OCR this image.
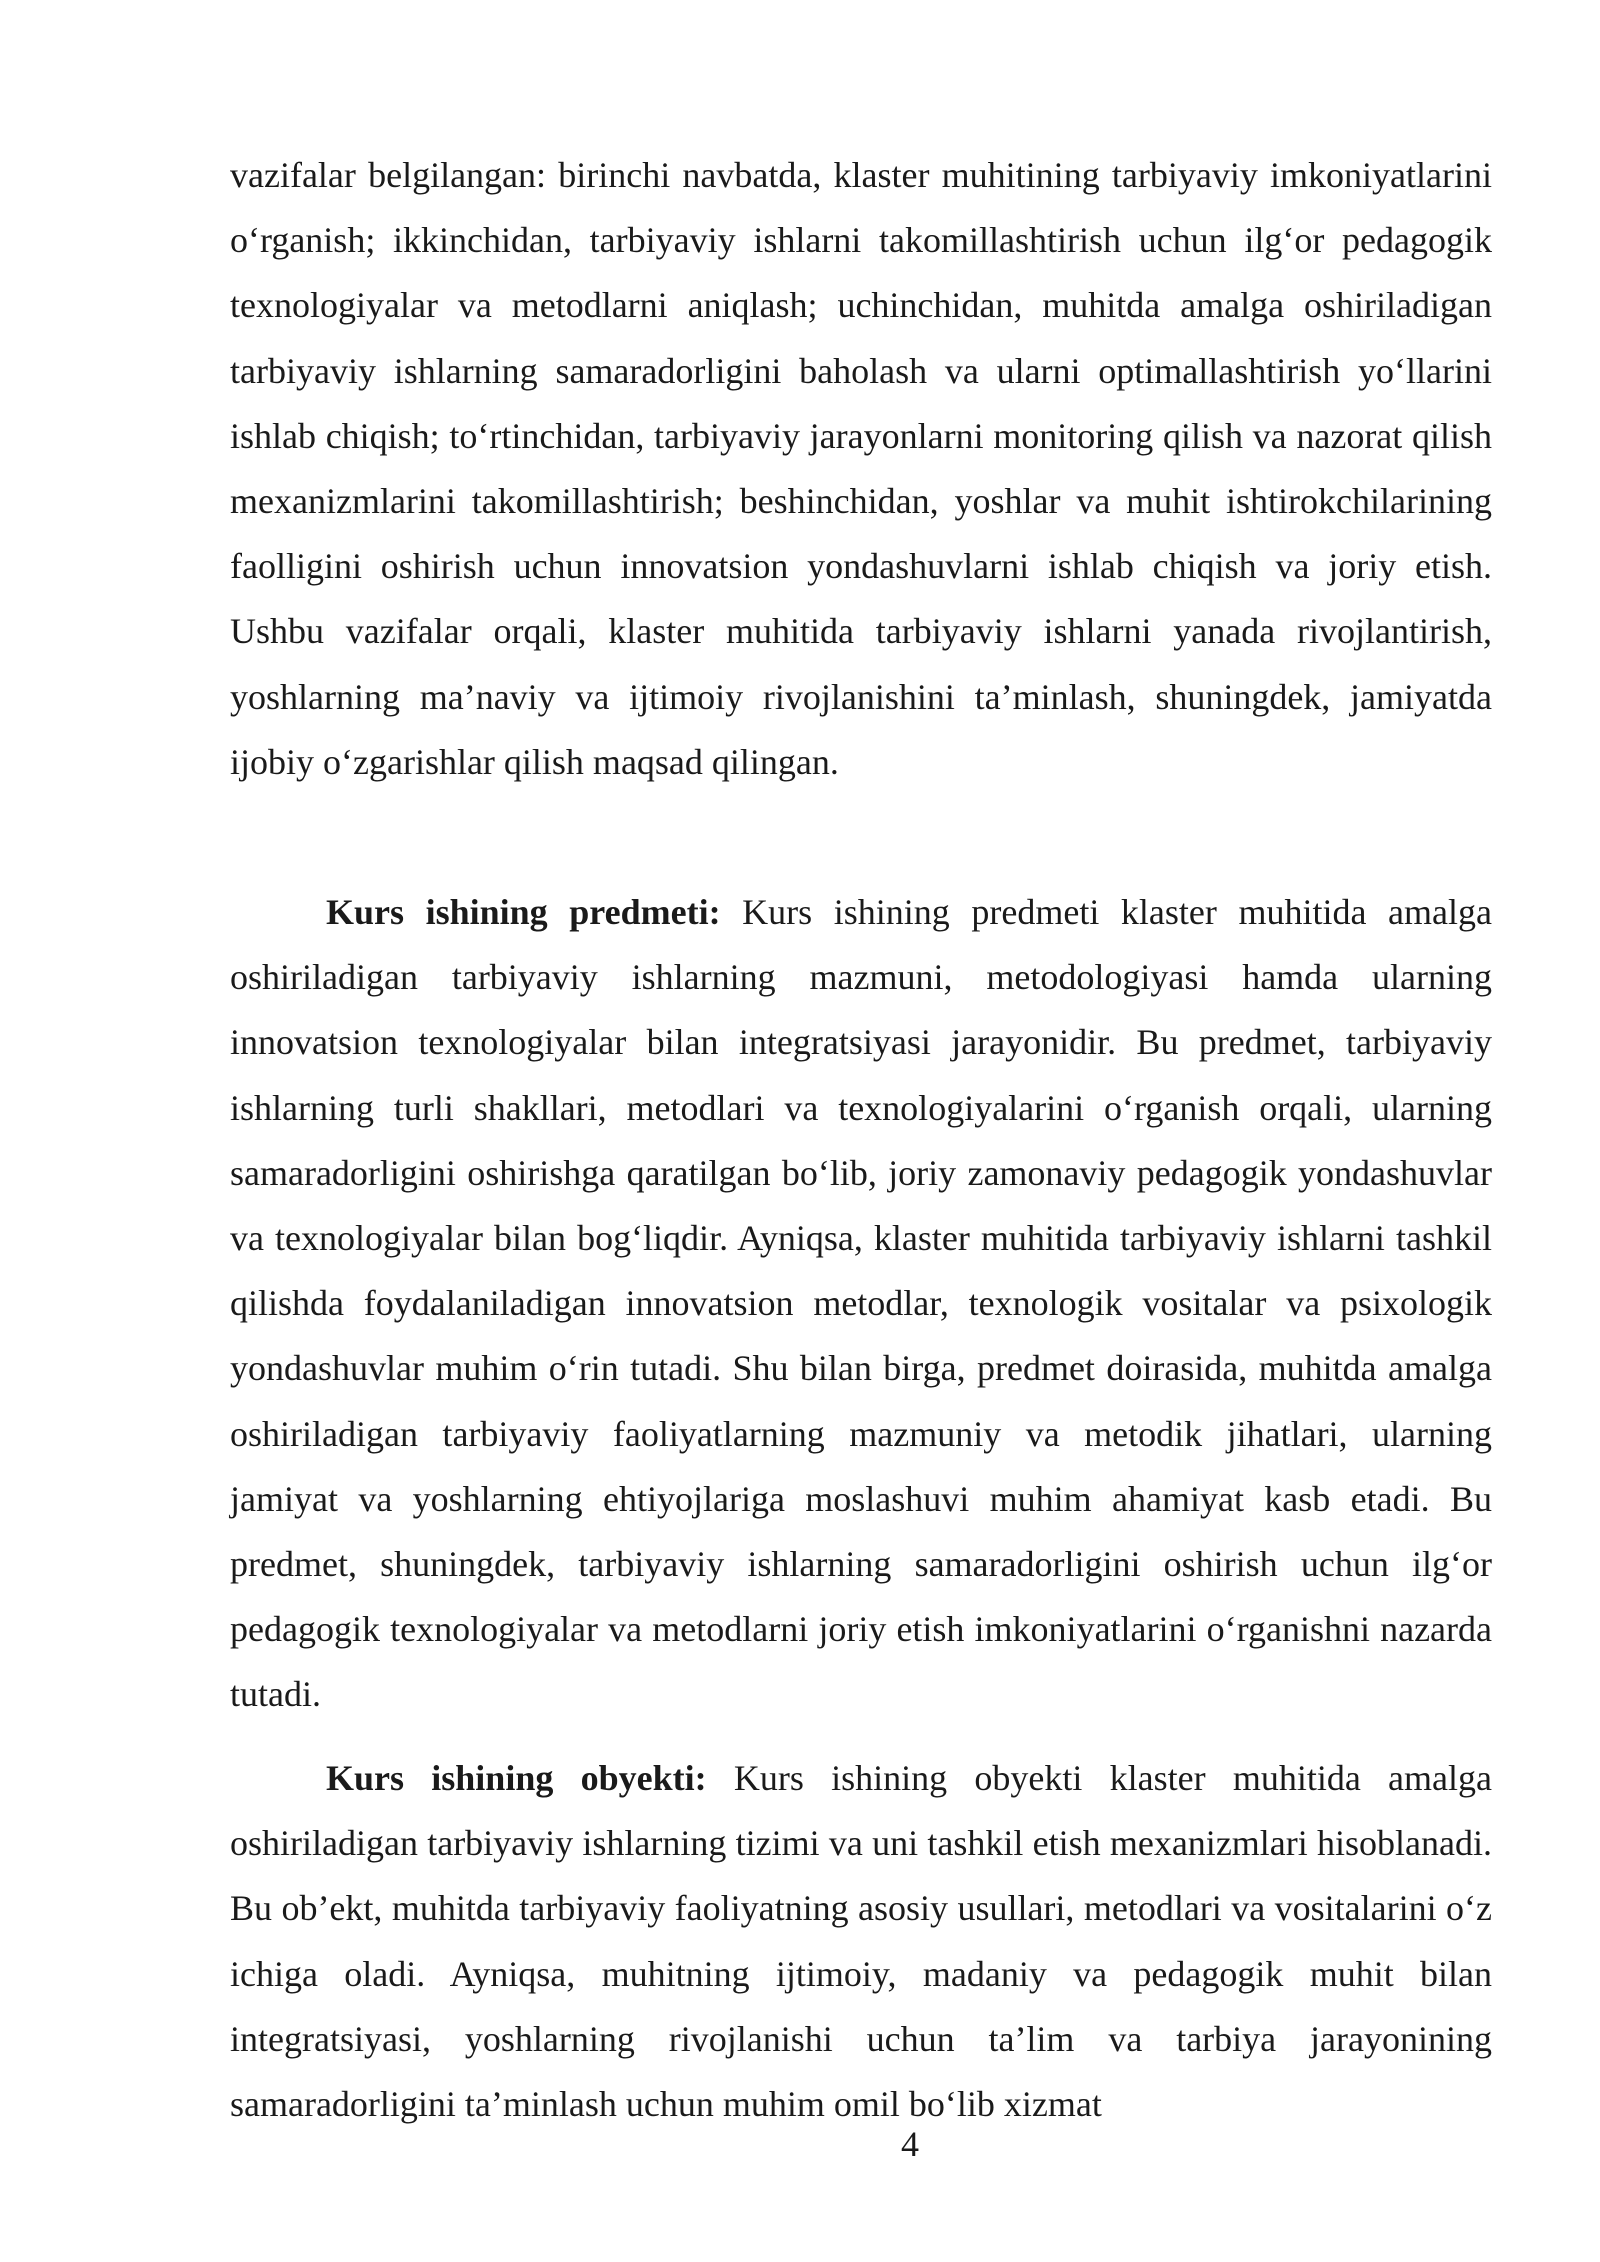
vazifalar belgilangan: birinchi navbatda, klaster muhitining tarbiyaviy imkoniyatlarini o‘rganish; ikkinchidan, tarbiyaviy ishlarni takomillashtirish uchun ilg‘or pedagogik texnologiyalar va metodlarni aniqlash; uchinchidan, muhitda amalga oshiriladigan tarbiyaviy ishlarning samaradorligini baholash va ularni optimallashtirish yo‘llarini ishlab chiqish; to‘rtinchidan, tarbiyaviy jarayonlarni monitoring qilish va nazorat qilish mexanizmlarini takomillashtirish; beshinchidan, yoshlar va muhit ishtirokchilarining faolligini oshirish uchun innovatsion yondashuvlarni ishlab chiqish va joriy etish. Ushbu vazifalar orqali, klaster muhitida tarbiyaviy ishlarni yanada rivojlantirish, yoshlarning ma’naviy va ijtimoiy rivojlanishini ta’minlash, shuningdek, jamiyatda ijobiy o‘zgarishlar qilish maqsad qilingan.

Kurs ishining predmeti: Kurs ishining predmeti klaster muhitida amalga oshiriladigan tarbiyaviy ishlarning mazmuni, metodologiyasi hamda ularning innovatsion texnologiyalar bilan integratsiyasi jarayonidir. Bu predmet, tarbiyaviy ishlarning turli shakllari, metodlari va texnologiyalarini o‘rganish orqali, ularning samaradorligini oshirishga qaratilgan bo‘lib, joriy zamonaviy pedagogik yondashuvlar va texnologiyalar bilan bog‘liqdir. Ayniqsa, klaster muhitida tarbiyaviy ishlarni tashkil qilishda foydalaniladigan innovatsion metodlar, texnologik vositalar va psixologik yondashuvlar muhim o‘rin tutadi. Shu bilan birga, predmet doirasida, muhitda amalga oshiriladigan tarbiyaviy faoliyatlarning mazmuniy va metodik jihatlari, ularning jamiyat va yoshlarning ehtiyojlariga moslashuvi muhim ahamiyat kasb etadi. Bu predmet, shuningdek, tarbiyaviy ishlarning samaradorligini oshirish uchun ilg‘or pedagogik texnologiyalar va metodlarni joriy etish imkoniyatlarini o‘rganishni nazarda tutadi.

Kurs ishining obyekti: Kurs ishining obyekti klaster muhitida amalga oshiriladigan tarbiyaviy ishlarning tizimi va uni tashkil etish mexanizmlari hisoblanadi. Bu ob’ekt, muhitda tarbiyaviy faoliyatning asosiy usullari, metodlari va vositalarini o‘z ichiga oladi. Ayniqsa, muhitning ijtimoiy, madaniy va pedagogik muhit bilan integratsiyasi, yoshlarning rivojlanishi uchun ta’lim va tarbiya jarayonining samaradorligini ta’minlash uchun muhim omil bo‘lib xizmat

4
